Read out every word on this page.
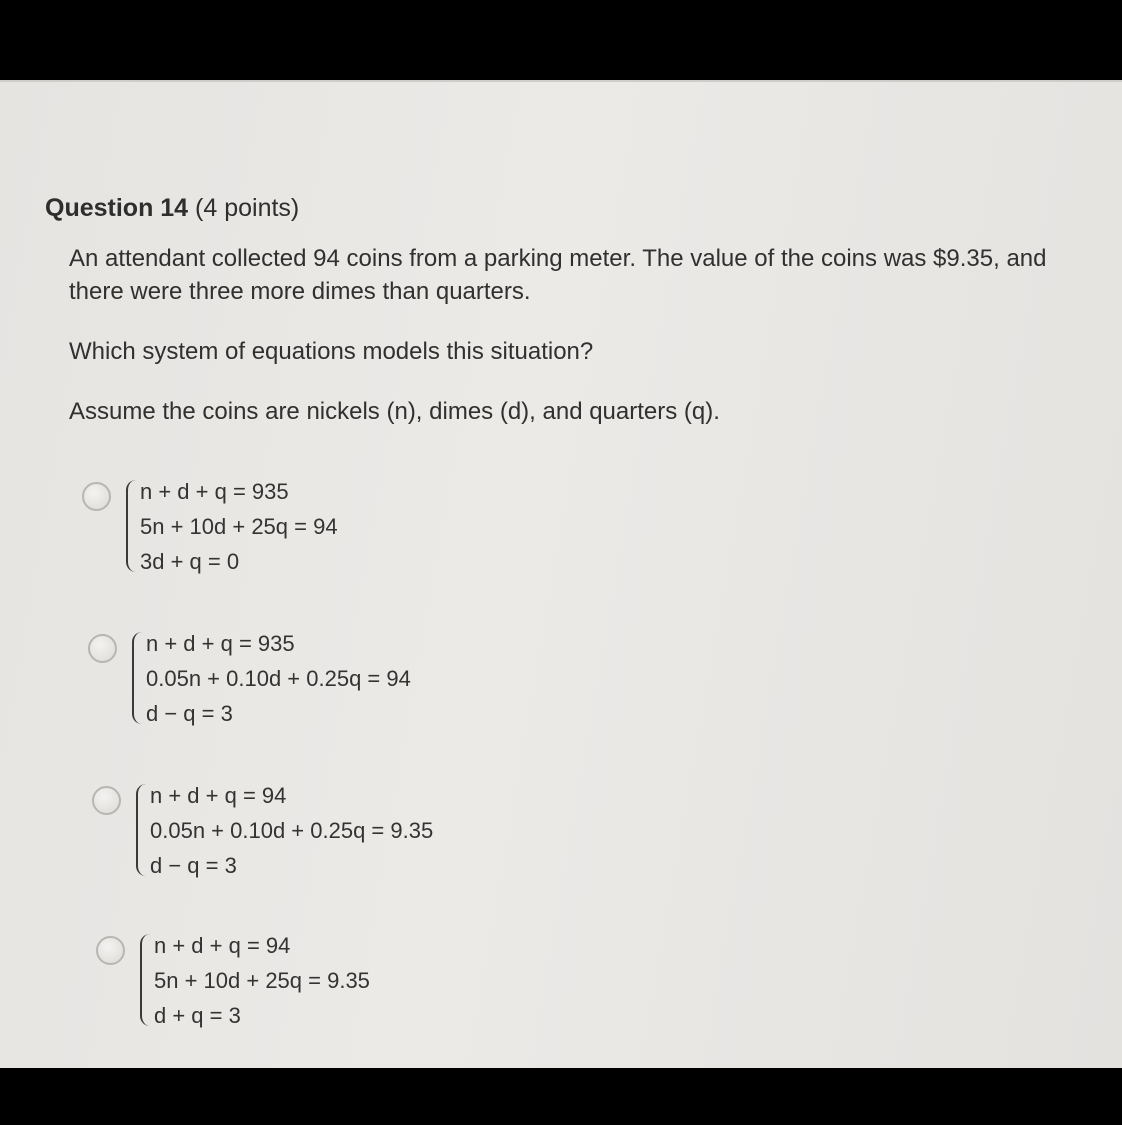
Question 14 (4 points)
An attendant collected 94 coins from a parking meter. The value of the coins was $9.35, and
there were three more dimes than quarters.
Which system of equations models this situation?
Assume the coins are nickels (n), dimes (d), and quarters (q).
n + d + q = 935
5n + 10d + 25q = 94
3d + q = 0
n + d + q = 935
0.05n + 0.10d + 0.25q = 94
d − q = 3
n + d + q = 94
0.05n + 0.10d + 0.25q = 9.35
d − q = 3
n + d + q = 94
5n + 10d + 25q = 9.35
d + q = 3
